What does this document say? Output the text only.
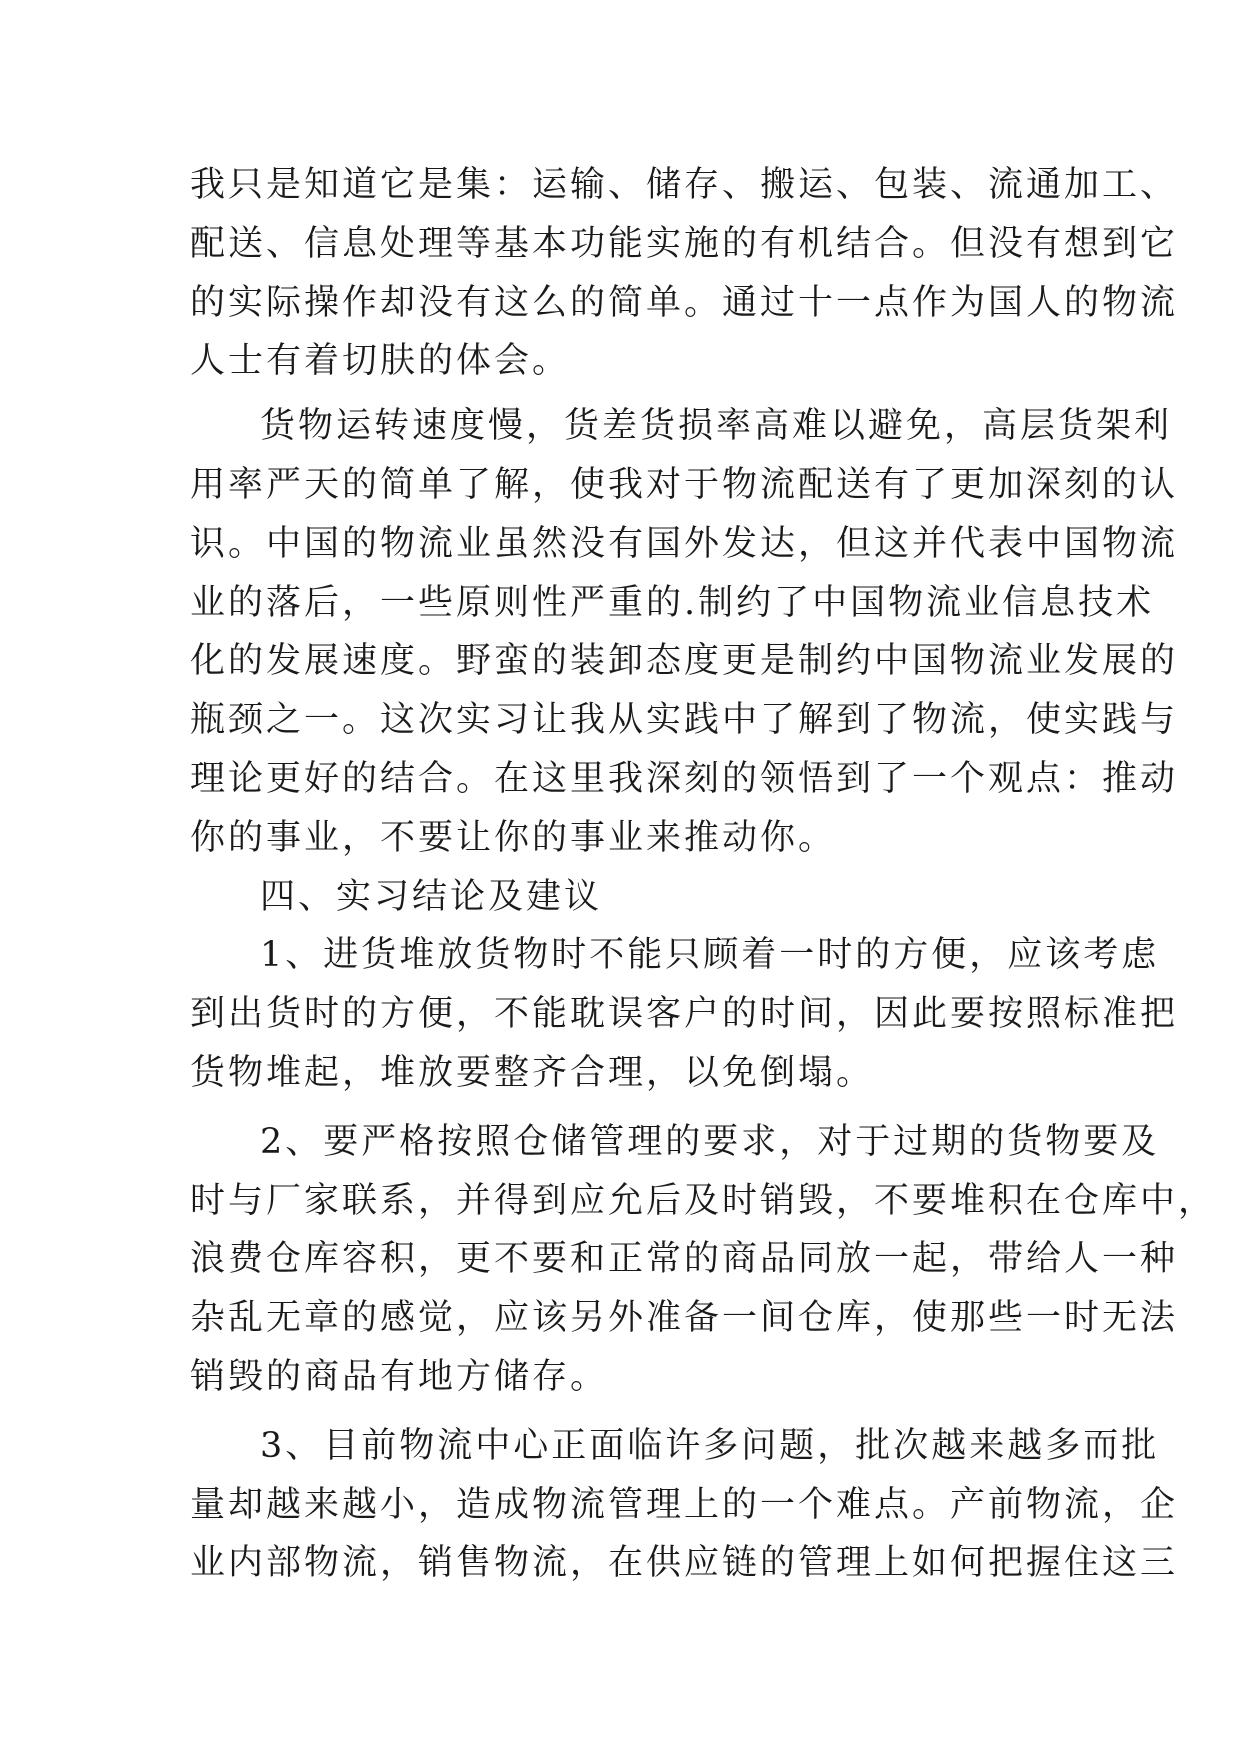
我只是知道它是集：运输、储存、搬运、包装、流通加工、
配送、信息处理等基本功能实施的有机结合。但没有想到它
的实际操作却没有这么的简单。通过十一点作为国人的物流
人士有着切肤的体会。
货物运转速度慢，货差货损率高难以避免，高层货架利
用率严天的简单了解，使我对于物流配送有了更加深刻的认
识。中国的物流业虽然没有国外发达，但这并代表中国物流
业的落后，一些原则性严重的.制约了中国物流业信息技术
化的发展速度。野蛮的装卸态度更是制约中国物流业发展的
瓶颈之一。这次实习让我从实践中了解到了物流，使实践与
理论更好的结合。在这里我深刻的领悟到了一个观点：推动
你的事业，不要让你的事业来推动你。
四、实习结论及建议
1、进货堆放货物时不能只顾着一时的方便，应该考虑
到出货时的方便，不能耽误客户的时间，因此要按照标准把
货物堆起，堆放要整齐合理，以免倒塌。
2、要严格按照仓储管理的要求，对于过期的货物要及
时与厂家联系，并得到应允后及时销毁，不要堆积在仓库中，
浪费仓库容积，更不要和正常的商品同放一起，带给人一种
杂乱无章的感觉，应该另外准备一间仓库，使那些一时无法
销毁的商品有地方储存。
3、目前物流中心正面临许多问题，批次越来越多而批
量却越来越小，造成物流管理上的一个难点。产前物流，企
业内部物流，销售物流，在供应链的管理上如何把握住这三
